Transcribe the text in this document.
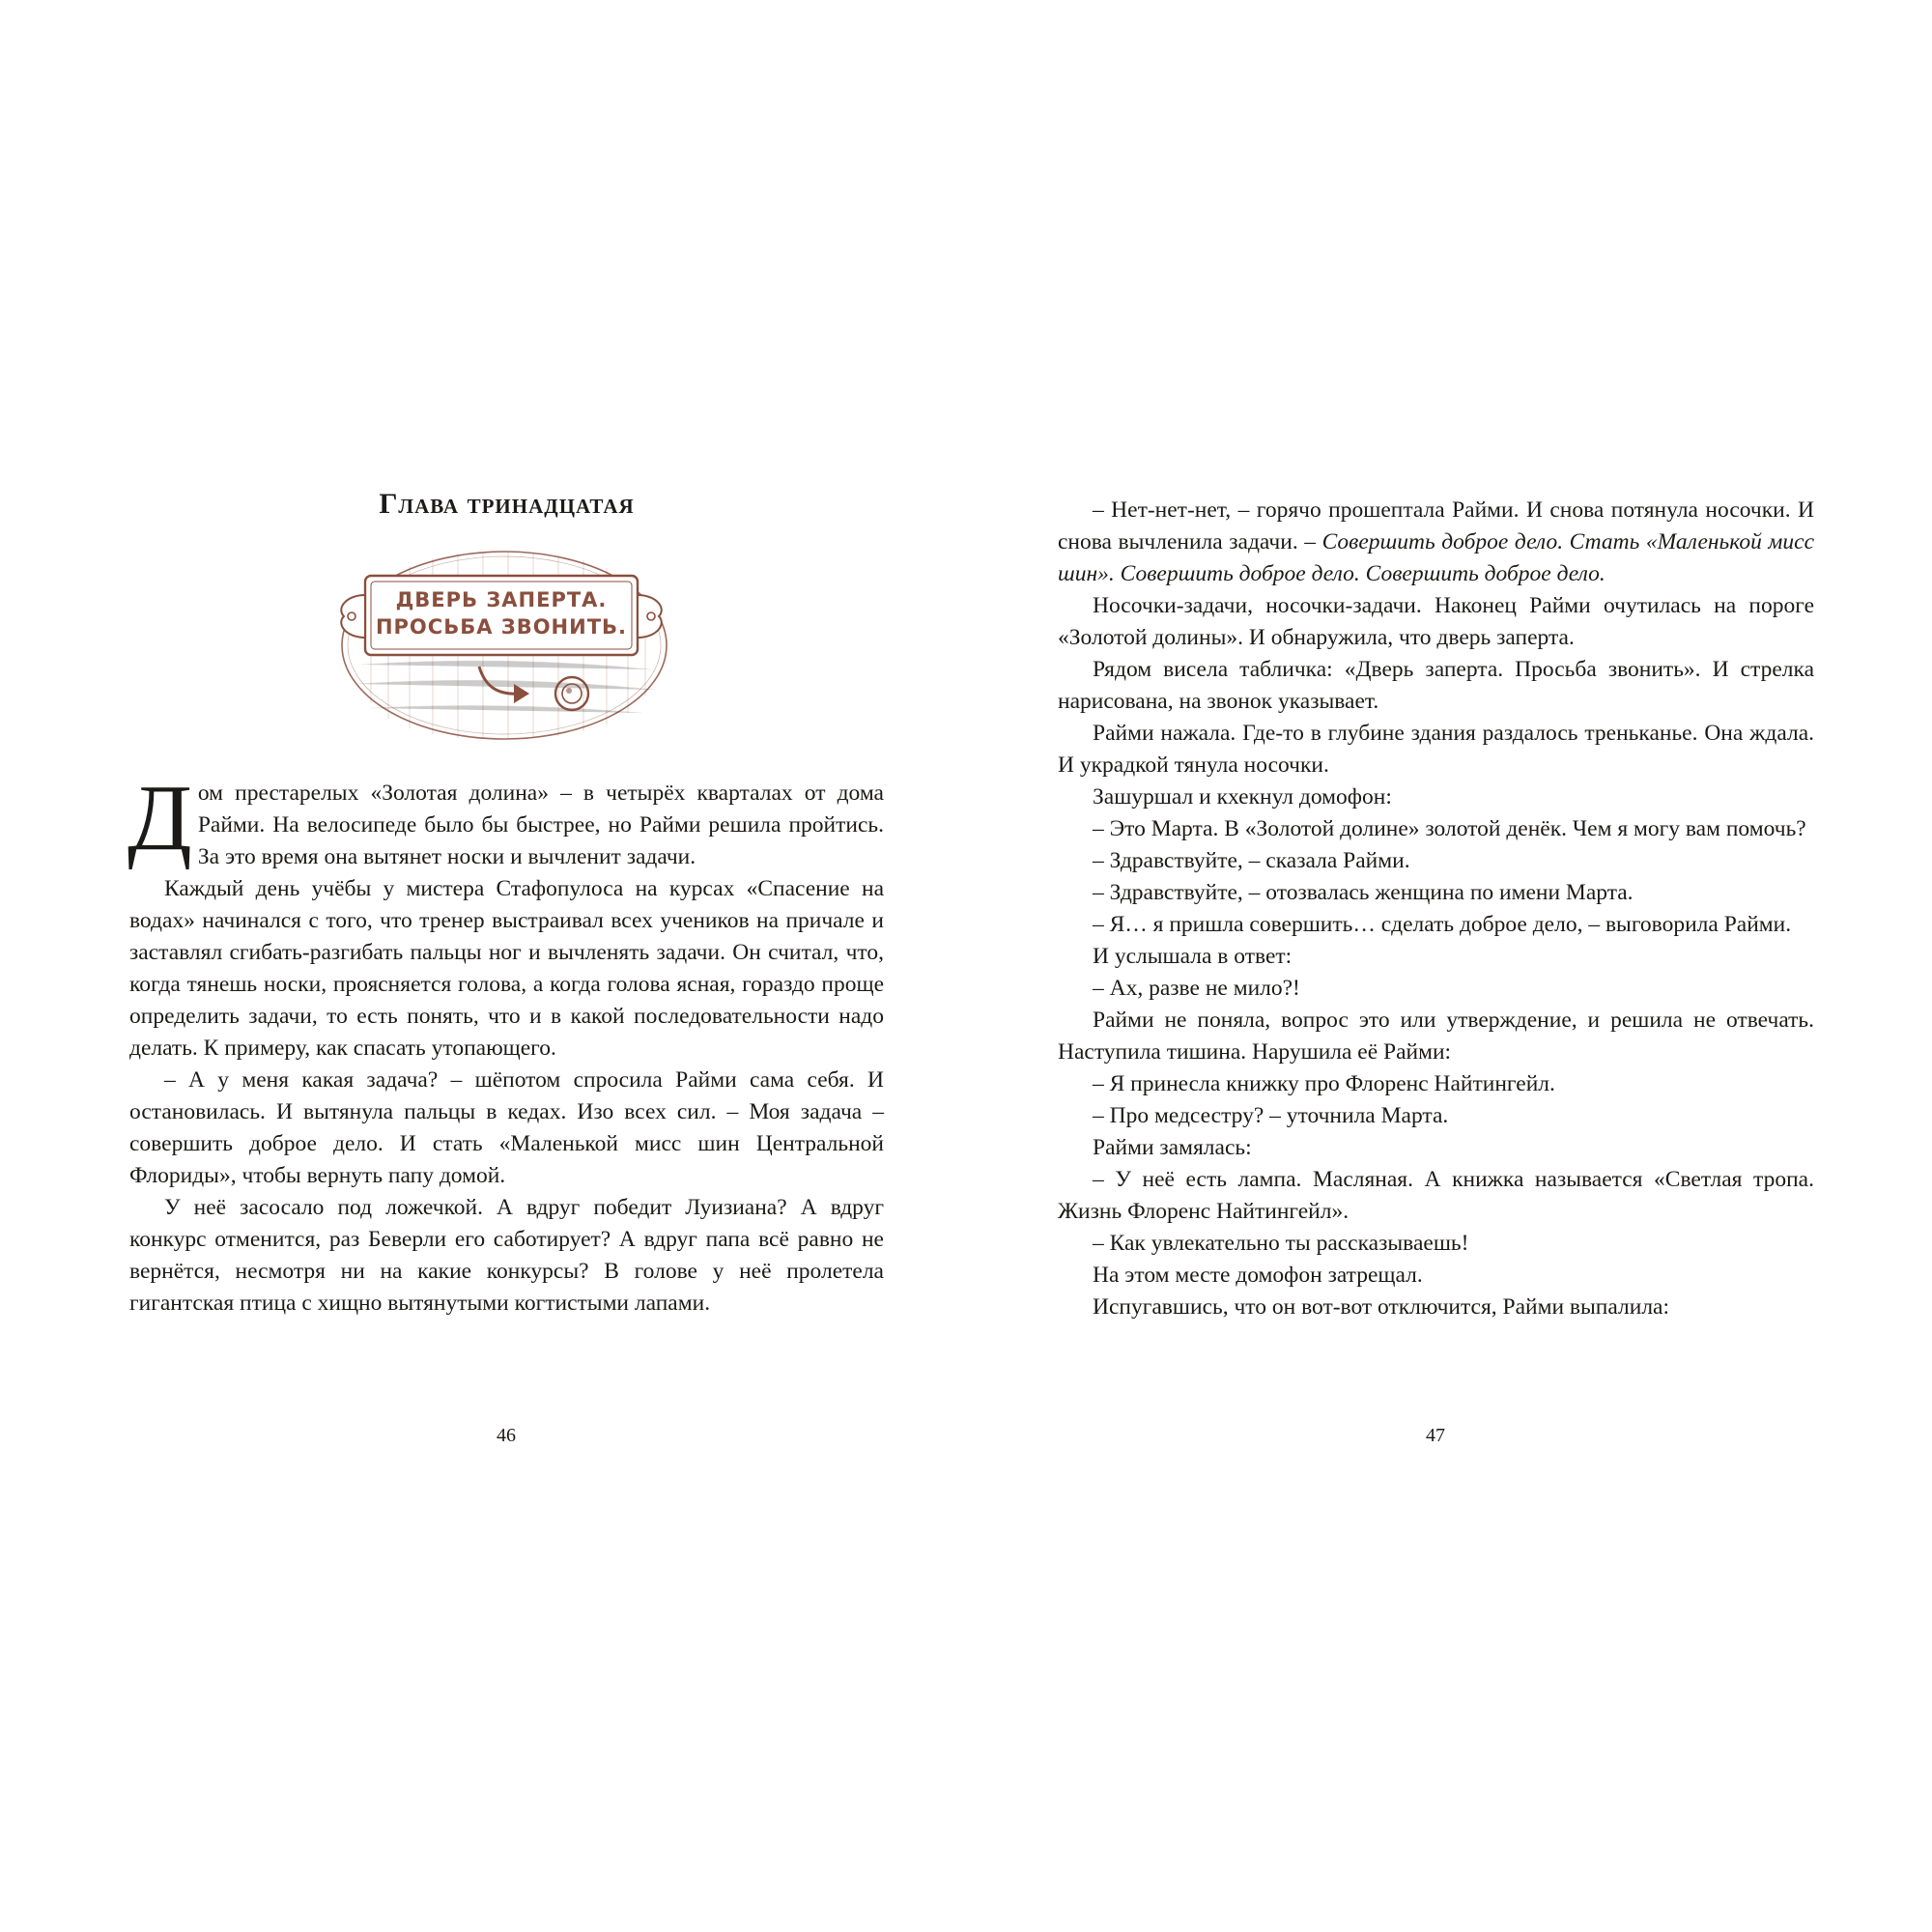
Глава тринадцатая
ДВЕРЬ ЗАПЕРТА.
ПРОСЬБА ЗВОНИТЬ.

Дом престарелых «Золотая долина» – в четырёх кварталах от дома Райми. На велосипеде было бы быстрее, но Райми решила пройтись. За это время она вытянет носки и вычленит задачи.

Каждый день учёбы у мистера Стафопулоса на курсах «Спасение на водах» начинался с того, что тренер выстраивал всех учеников на причале и заставлял сгибать-разгибать пальцы ног и вычленять задачи. Он считал, что, когда тянешь носки, проясняется голова, а когда голова ясная, гораздо проще определить задачи, то есть понять, что и в какой последовательности надо делать. К примеру, как спасать утопающего.

– А у меня какая задача? – шёпотом спросила Райми сама себя. И остановилась. И вытянула пальцы в кедах. Изо всех сил. – Моя задача – совершить доброе дело. И стать «Маленькой мисс шин Центральной Флориды», чтобы вернуть папу домой.

У неё засосало под ложечкой. А вдруг победит Луизиана? А вдруг конкурс отменится, раз Беверли его саботирует? А вдруг папа всё равно не вернётся, несмотря ни на какие конкурсы? В голове у неё пролетела гигантская птица с хищно вытянутыми когтистыми лапами.

46

– Нет-нет-нет, – горячо прошептала Райми. И снова потянула носочки. И снова вычленила задачи. – Совершить доброе дело. Стать «Маленькой мисс шин». Совершить доброе дело. Совершить доброе дело.

Носочки-задачи, носочки-задачи. Наконец Райми очутилась на пороге «Золотой долины». И обнаружила, что дверь заперта.

Рядом висела табличка: «Дверь заперта. Просьба звонить». И стрелка нарисована, на звонок указывает.

Райми нажала. Где-то в глубине здания раздалось треньканье. Она ждала. И украдкой тянула носочки.

Зашуршал и кхекнул домофон:

– Это Марта. В «Золотой долине» золотой денёк. Чем я могу вам помочь?

– Здравствуйте, – сказала Райми.

– Здравствуйте, – отозвалась женщина по имени Марта.

– Я… я пришла совершить… сделать доброе дело, – выговорила Райми.

И услышала в ответ:

– Ах, разве не мило?!

Райми не поняла, вопрос это или утверждение, и решила не отвечать. Наступила тишина. Нарушила её Райми:

– Я принесла книжку про Флоренс Найтингейл.

– Про медсестру? – уточнила Марта.

Райми замялась:

– У неё есть лампа. Масляная. А книжка называется «Светлая тропа. Жизнь Флоренс Найтингейл».

– Как увлекательно ты рассказываешь!

На этом месте домофон затрещал.

Испугавшись, что он вот-вот отключится, Райми выпалила:

47
